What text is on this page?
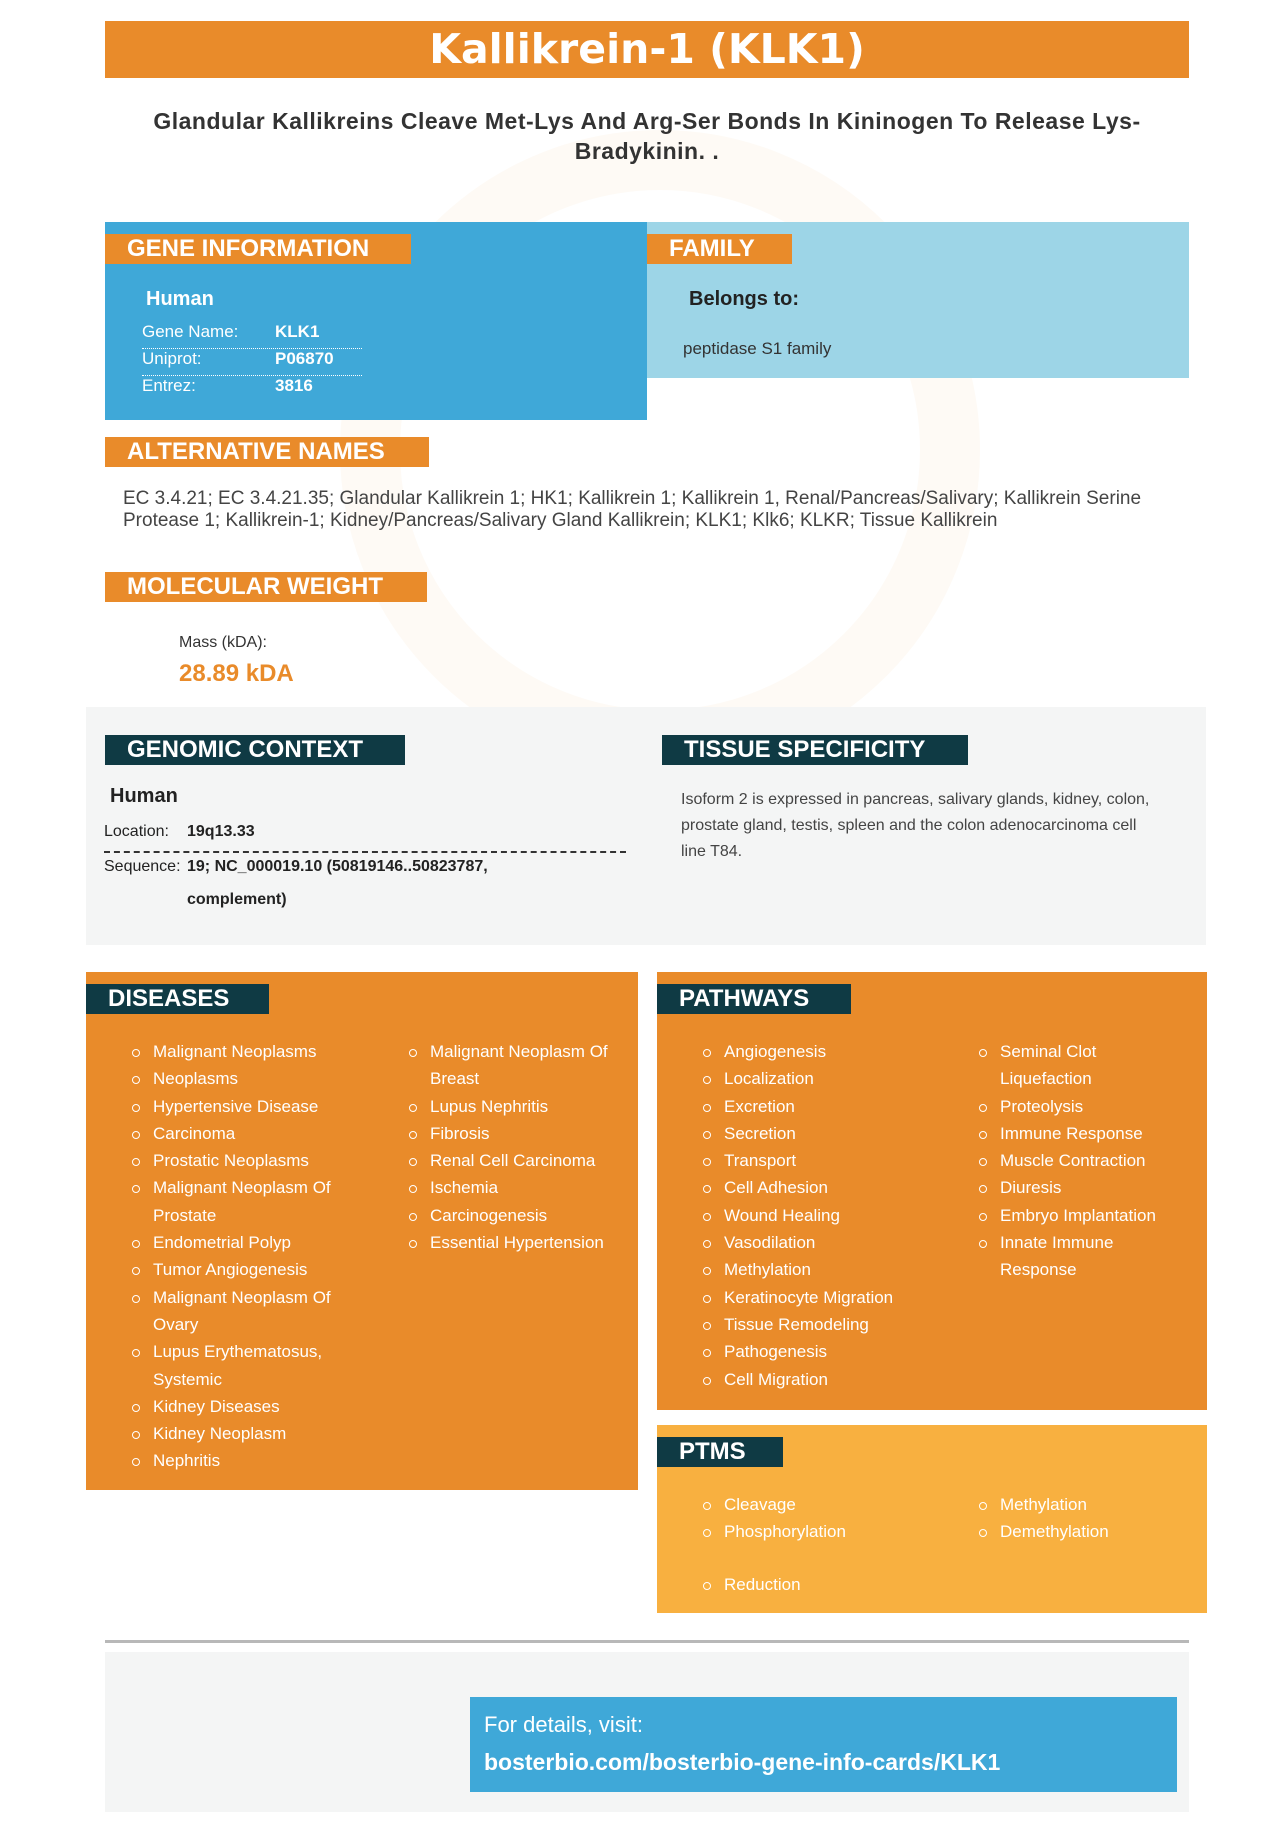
Kallikrein-1 (KLK1)
Glandular Kallikreins Cleave Met-Lys And Arg-Ser Bonds In Kininogen To Release Lys-Bradykinin. .
GENE INFORMATION
Human
Gene Name: KLK1
Uniprot:	P06870
Entrez:	3816
FAMILY
Belongs to:
peptidase S1 family
ALTERNATIVE NAMES
EC 3.4.21; EC 3.4.21.35; Glandular Kallikrein 1; HK1; Kallikrein 1; Kallikrein 1, Renal/Pancreas/Salivary; Kallikrein Serine Protease 1; Kallikrein-1; Kidney/Pancreas/Salivary Gland Kallikrein; KLK1; Klk6; KLKR; Tissue Kallikrein
MOLECULAR WEIGHT
Mass (kDA):
28.89 kDA
GENOMIC CONTEXT
Human
Location: 19q13.33
Sequence: 19; NC_000019.10 (50819146..50823787,
complement)
TISSUE SPECIFICITY
Isoform 2 is expressed in pancreas, salivary glands, kidney, colon, prostate gland, testis, spleen and the colon adenocarcinoma cell line T84.
DISEASES
Malignant Neoplasms
Neoplasms
Hypertensive Disease
Carcinoma
Prostatic Neoplasms
Malignant Neoplasm Of Prostate
Endometrial Polyp
Tumor Angiogenesis
Malignant Neoplasm Of Ovary
Lupus Erythematosus, Systemic
Kidney Diseases
Kidney Neoplasm
Nephritis
Malignant Neoplasm Of Breast
Lupus Nephritis
Fibrosis
Renal Cell Carcinoma
Ischemia
Carcinogenesis
Essential Hypertension
PATHWAYS
Angiogenesis
Localization
Excretion
Secretion
Transport
Cell Adhesion
Wound Healing
Vasodilation
Methylation
Keratinocyte Migration
Tissue Remodeling
Pathogenesis
Cell Migration
Seminal Clot Liquefaction
Proteolysis
Immune Response
Muscle Contraction
Diuresis
Embryo Implantation
Innate Immune Response
PTMS
Cleavage
Phosphorylation
Methylation
Demethylation
Reduction
For details, visit:
bosterbio.com/bosterbio-gene-info-cards/KLK1
